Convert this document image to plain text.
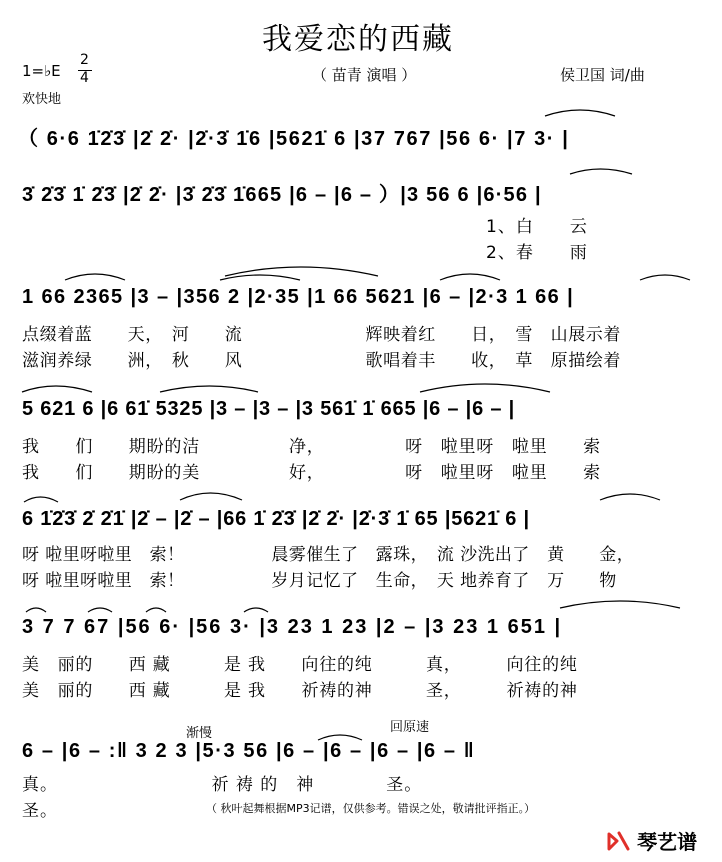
我爱恋的西藏
1=♭E
2
4	（ 苗青 演唱 ）	侯卫国 词/曲
欢快地
（ 6·6 1̇2̇3̇ |2̇ 2̇· |2̇·3̇ 1̇6 |5621̇ 6 |37 767 |56 6· |7 3· |
3̇ 2̇3̇ 1̇ 2̇3̇ |2̇ 2̇· |3̇ 2̇3̇ 1̇665 |6 – |6 – ）|3 56 6 |6·56 |
1、白　　云
2、春　　雨
1 66 2365 |3 – |356 2 |2·35 |1 66 5621 |6 – |2·3 1 66 |
点缀着蓝　　天，　河　　流　　　　　　　辉映着红　　日，　雪　山展示着
滋润养绿　　洲，　秋　　风　　　　　　　歌唱着丰　　收，　草　原描绘着
5 621 6 |6 61̇ 5325 |3 – |3 – |3 561̇ 1̇ 665 |6 – |6 – |
我　　们　　期盼的洁　　　　　净，　　　　　呀　啦里呀　啦里　　索
我　　们　　期盼的美　　　　　好，　　　　　呀　啦里呀　啦里　　索
6 1̇2̇3̇ 2̇ 2̇1̇ |2̇ – |2̇ – |66 1̇ 2̇3̇ |2̇ 2̇· |2̇·3̇ 1̇ 65 |5621̇ 6 |
呀 啦里呀啦里　索！　　　　　晨雾催生了　露珠，　流 沙洗出了　黄　　金，
呀 啦里呀啦里　索！　　　　　岁月记忆了　生命，　天 地养育了　万　　物
3 7 7 67 |56 6· |56 3· |3 23 1 23 |2 – |3 23 1 651 |
美　丽的　　西 藏　　　是 我　　向往的纯　　　真，　　　向往的纯
美　丽的　　西 藏　　　是 我　　祈祷的神　　　圣，　　　祈祷的神
渐慢	回原速
6 – |6 – :‖ 3 2 3 |5·3 56 |6 – |6 – |6 – |6 – ‖
真。　　　　　　　　　祈 祷 的　神　　　　圣。
圣。	（ 秋叶起舞根据MP3记谱，仅供参考。错误之处，敬请批评指正。）
琴艺谱
